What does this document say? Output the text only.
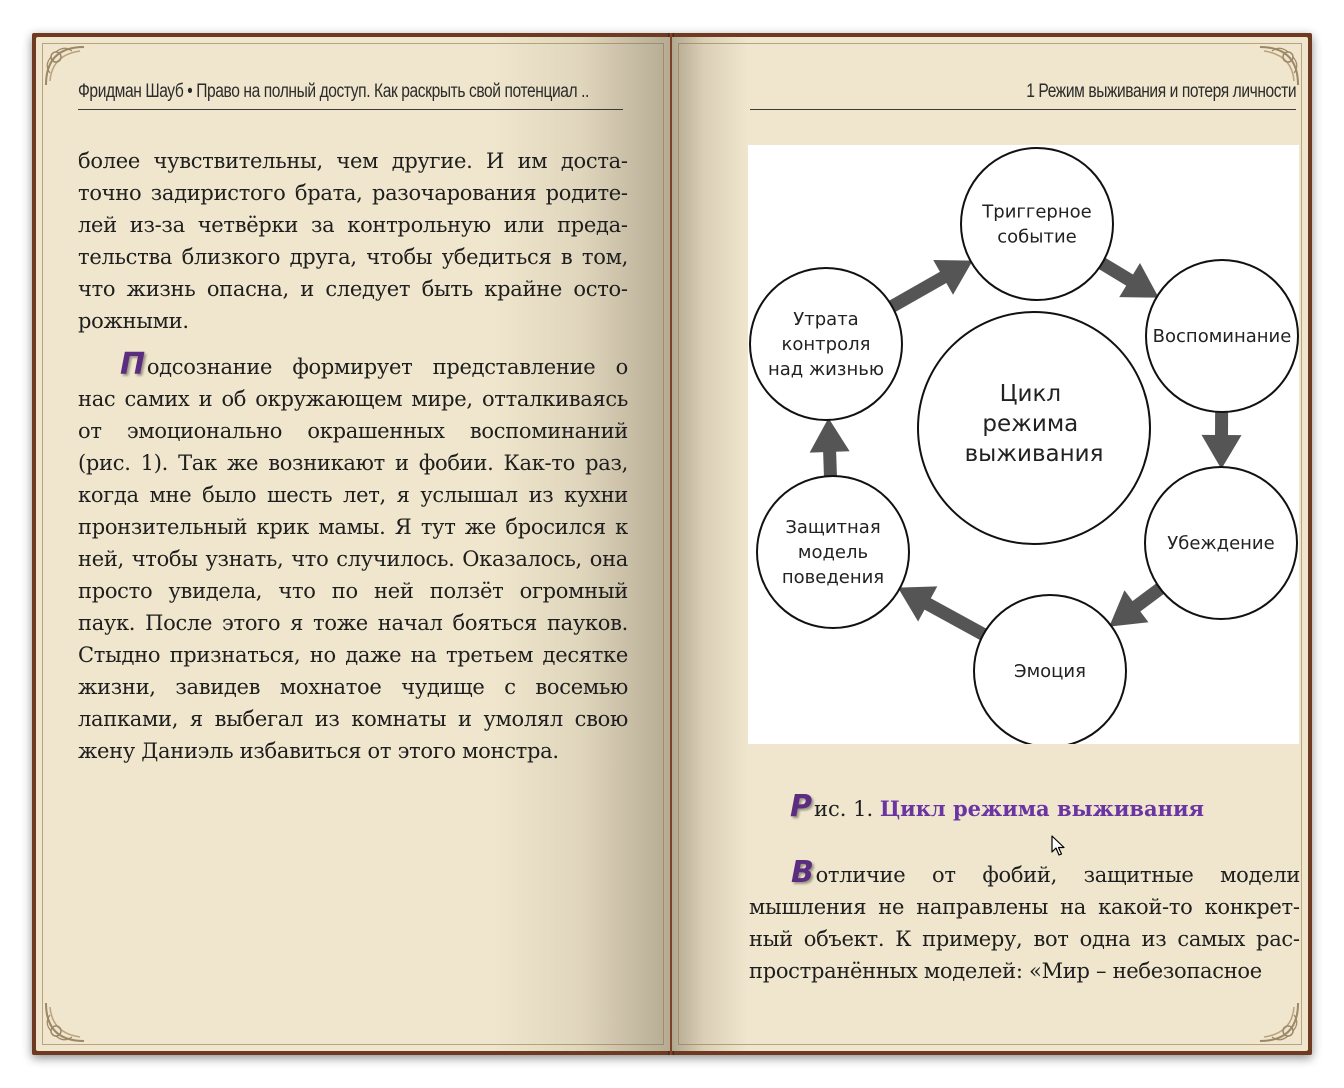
Фридман Шауб • Право на полный доступ. Как раскрыть свой потенциал ..

более чувствительны, чем другие. И им достаточно задиристого брата, разочарования родителей из-за четвёрки за контрольную или предательства близкого друга, чтобы убедиться в том, что жизнь опасна, и следует быть крайне осторожными.

Подсознание формирует представление о нас самих и об окружающем мире, отталкиваясь от эмоционально окрашенных воспоминаний (рис. 1). Так же возникают и фобии. Как-то раз, когда мне было шесть лет, я услышал из кухни пронзительный крик мамы. Я тут же бросился к ней, чтобы узнать, что случилось. Оказалось, она просто увидела, что по ней ползёт огромный паук. После этого я тоже начал бояться пауков. Стыдно признаться, но даже на третьем десятке жизни, завидев мохнатое чудище с восемью лапками, я выбегал из комнаты и умолял свою жену Даниэль избавиться от этого монстра.

1 Режим выживания и потеря личности
Цикл режима выживания
Триггерное событие
Воспоминание
Убеждение
Эмоция
Защитная модель поведения
Утрата контроля над жизнью
Рис. 1. Цикл режима выживания

Вотличие от фобий, защитные модели мышления не направлены на какой-то конкретный объект. К примеру, вот одна из самых распространённых моделей: «Мир – небезопасное
